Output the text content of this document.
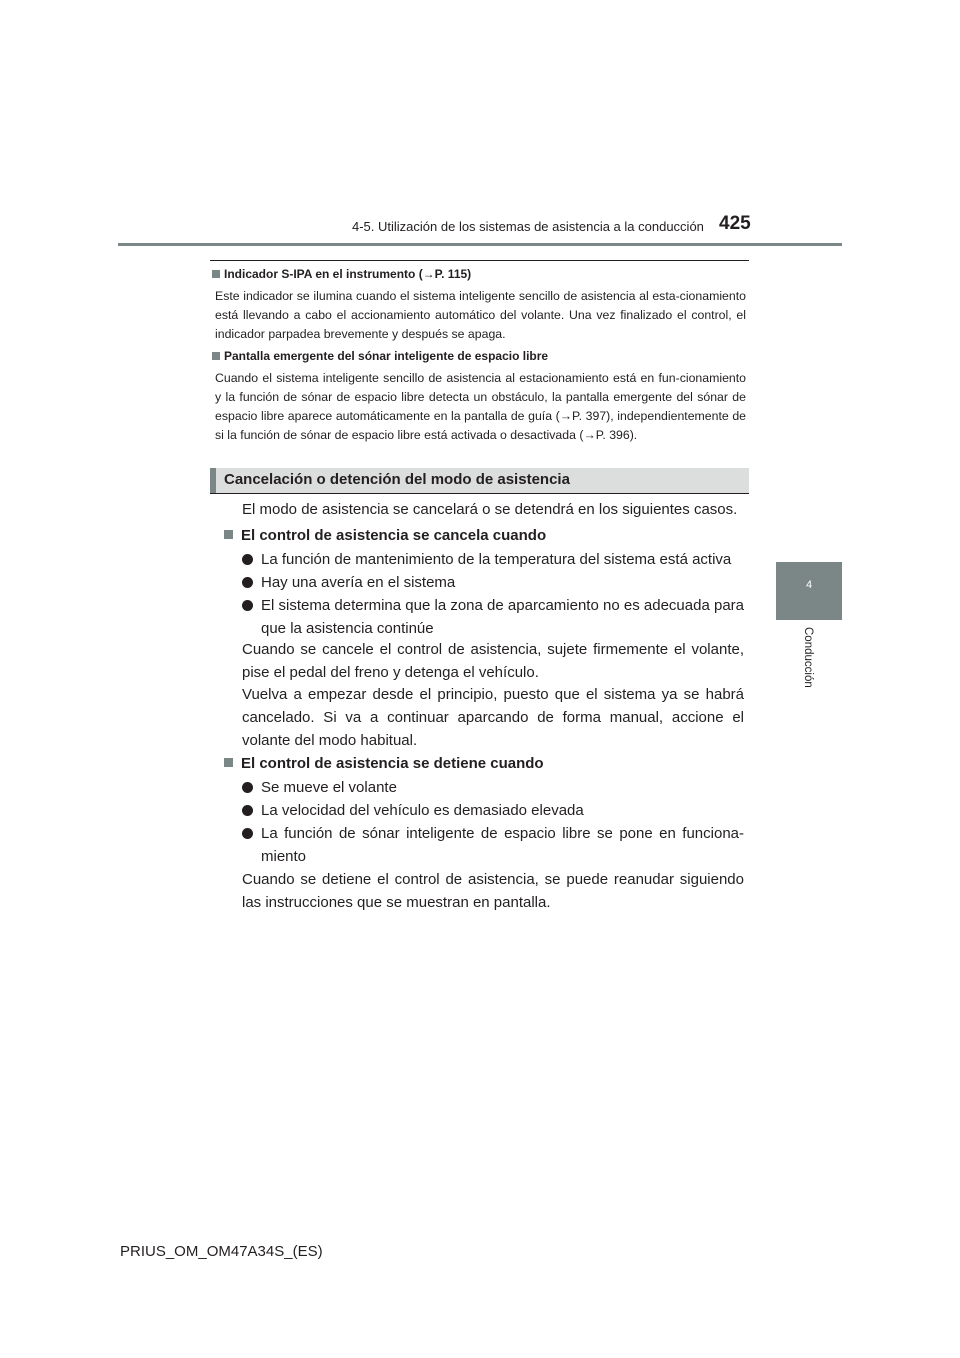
4-5. Utilización de los sistemas de asistencia a la conducción 425
4
Conducción
Indicador S-IPA en el instrumento (→P. 115)
Este indicador se ilumina cuando el sistema inteligente sencillo de asistencia al esta-cionamiento está llevando a cabo el accionamiento automático del volante. Una vez finalizado el control, el indicador parpadea brevemente y después se apaga.
Pantalla emergente del sónar inteligente de espacio libre
Cuando el sistema inteligente sencillo de asistencia al estacionamiento está en fun-cionamiento y la función de sónar de espacio libre detecta un obstáculo, la pantalla emergente del sónar de espacio libre aparece automáticamente en la pantalla de guía (→P. 397), independientemente de si la función de sónar de espacio libre está activada o desactivada (→P. 396).
Cancelación o detención del modo de asistencia
El modo de asistencia se cancelará o se detendrá en los siguientes casos.
El control de asistencia se cancela cuando
La función de mantenimiento de la temperatura del sistema está activa
Hay una avería en el sistema
El sistema determina que la zona de aparcamiento no es adecuada para que la asistencia continúe
Cuando se cancele el control de asistencia, sujete firmemente el volante, pise el pedal del freno y detenga el vehículo.
Vuelva a empezar desde el principio, puesto que el sistema ya se habrá cancelado. Si va a continuar aparcando de forma manual, accione el volante del modo habitual.
El control de asistencia se detiene cuando
Se mueve el volante
La velocidad del vehículo es demasiado elevada
La función de sónar inteligente de espacio libre se pone en funciona-miento
Cuando se detiene el control de asistencia, se puede reanudar siguiendo las instrucciones que se muestran en pantalla.
PRIUS_OM_OM47A34S_(ES)
